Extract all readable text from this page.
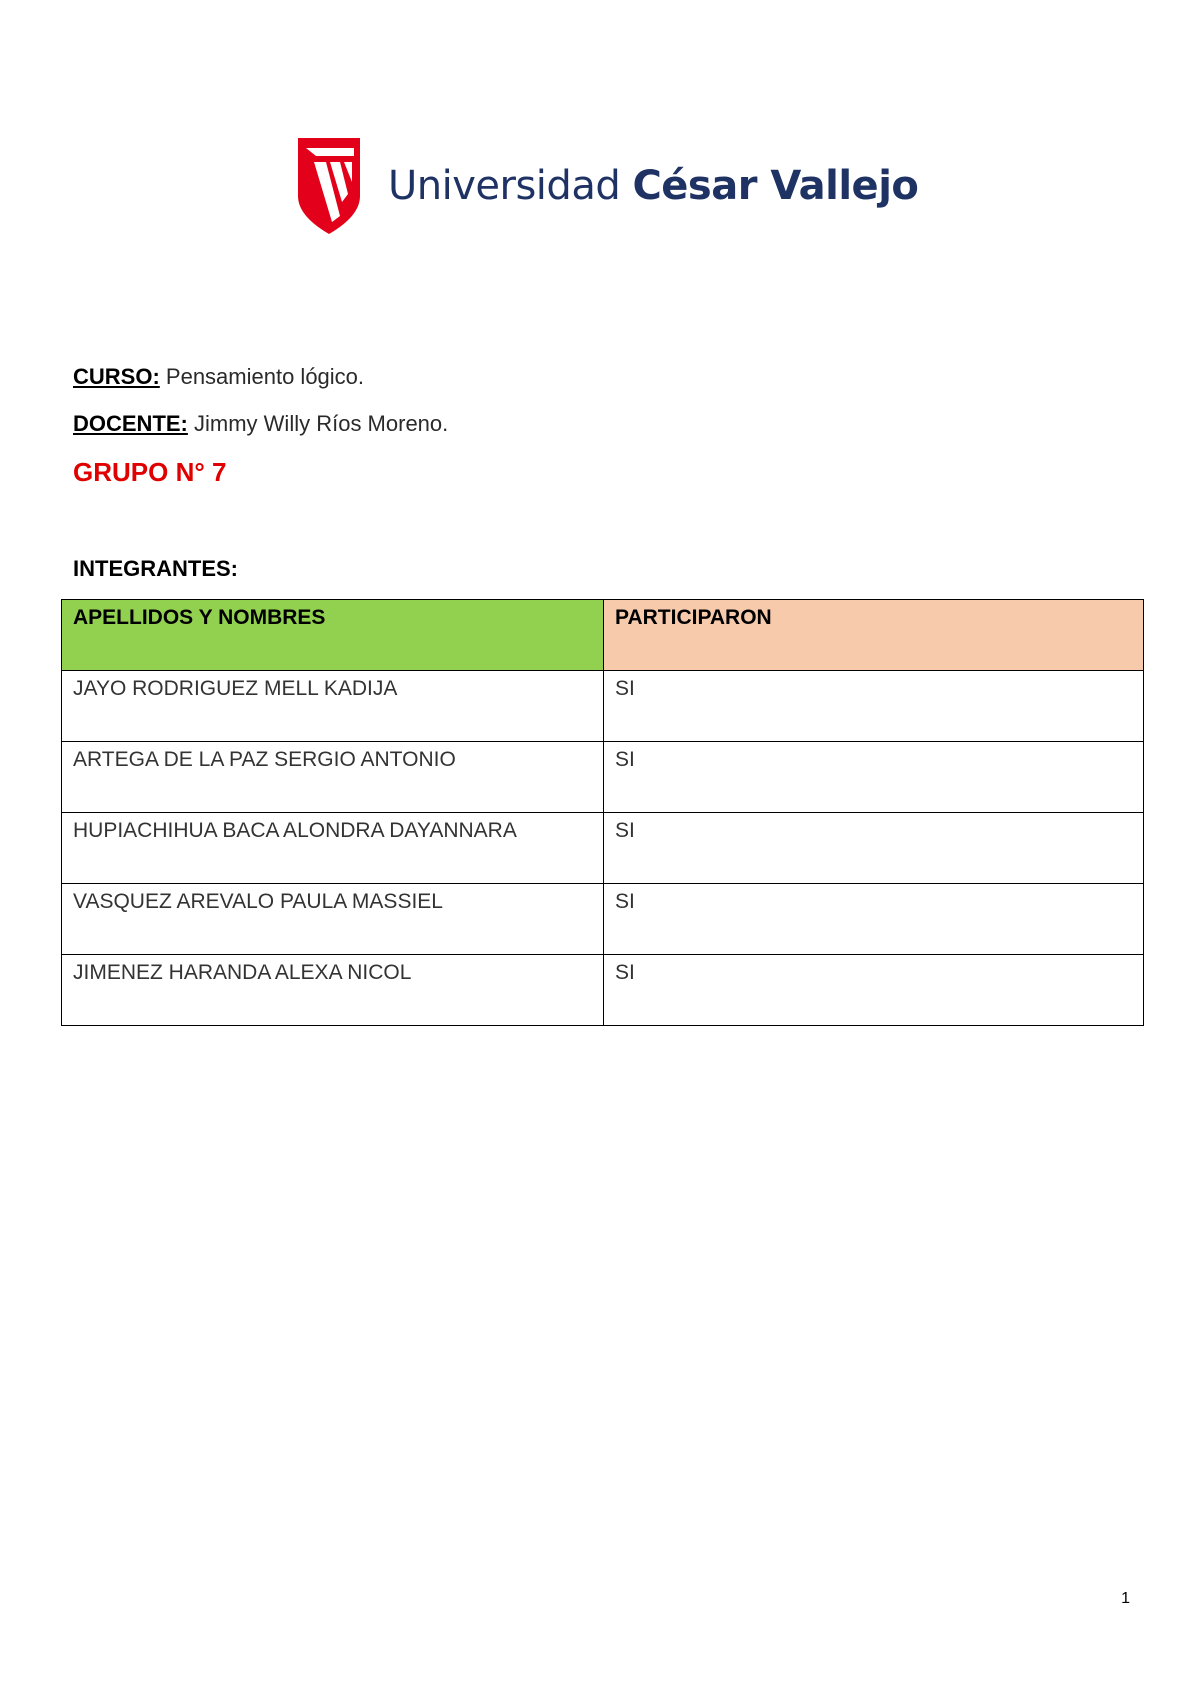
Universidad César Vallejo
CURSO: Pensamiento lógico.
DOCENTE: Jimmy Willy Ríos Moreno.
GRUPO N° 7
INTEGRANTES:
APELLIDOS Y NOMBRES	PARTICIPARON
JAYO RODRIGUEZ MELL KADIJA	SI
ARTEGA DE LA PAZ SERGIO ANTONIO	SI
HUPIACHIHUA BACA ALONDRA DAYANNARA	SI
VASQUEZ AREVALO PAULA MASSIEL	SI
JIMENEZ HARANDA ALEXA NICOL	SI
1
